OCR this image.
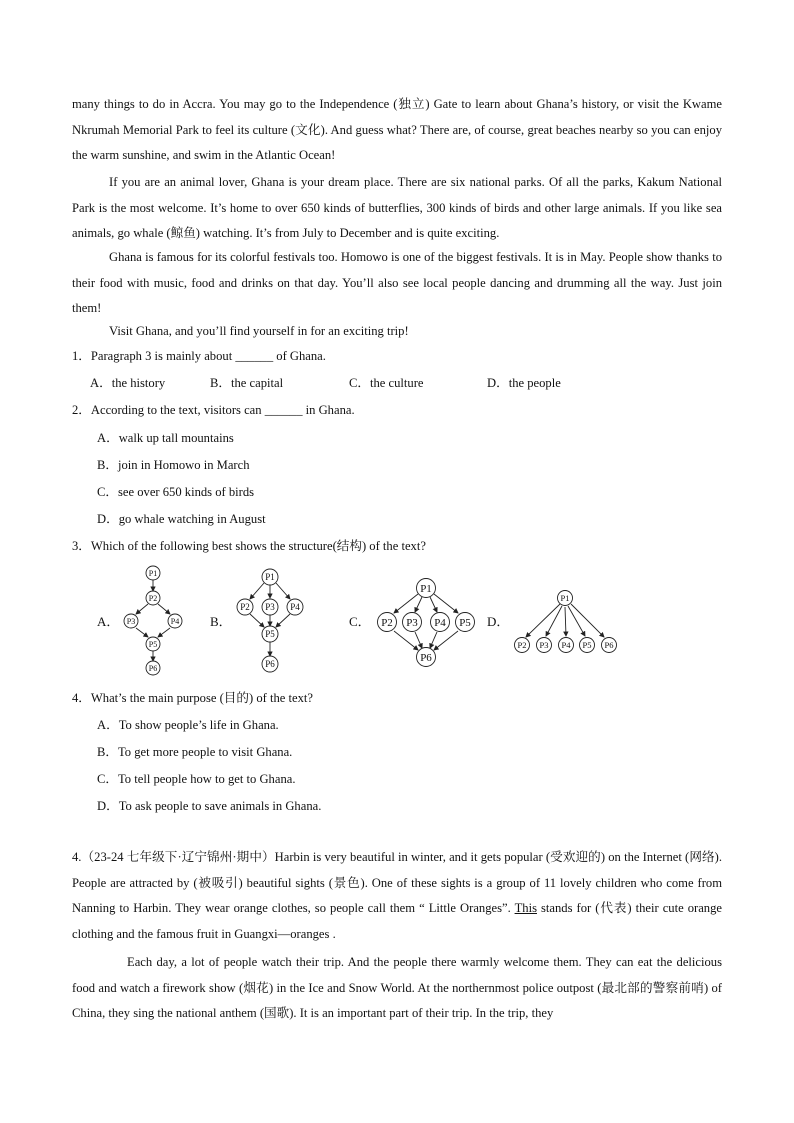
many things to do in Accra. You may go to the Independence (独立) Gate to learn about Ghana’s history, or visit the Kwame Nkrumah Memorial Park to feel its culture (文化). And guess what? There are, of course, great beaches nearby so you can enjoy the warm sunshine, and swim in the Atlantic Ocean!

If you are an animal lover, Ghana is your dream place. There are six national parks. Of all the parks, Kakum National Park is the most welcome. It’s home to over 650 kinds of butterflies, 300 kinds of birds and other large animals. If you like sea animals, go whale (鲸鱼) watching. It’s from July to December and is quite exciting.

Ghana is famous for its colorful festivals too. Homowo is one of the biggest festivals. It is in May. People show thanks to their food with music, food and drinks on that day. You’ll also see local people dancing and drumming all the way. Just join them!

Visit Ghana, and you’ll find yourself in for an exciting trip!

1．Paragraph 3 is mainly about ______ of Ghana.
A．the history	B．the capital	C．the culture	D．the people
2．According to the text, visitors can ______ in Ghana.
A．walk up tall mountains
B．join in Homowo in March
C．see over 650 kinds of birds
D．go whale watching in August
3．Which of the following best shows the structure(结构) of the text?
A．	B．	C．	D．
P1
P2
P3	P4
P5
P6
P1
P2 P3 P4
P5
P6
P1
P2 P3 P4 P5
P6
P1
P2 P3 P4 P5 P6
4．What’s the main purpose (目的) of the text?
A．To show people’s life in Ghana.
B．To get more people to visit Ghana.
C．To tell people how to get to Ghana.
D．To ask people to save animals in Ghana.

4.（23-24 七年级下·辽宁锦州·期中）Harbin is very beautiful in winter, and it gets popular (受欢迎的) on the Internet (网络). People are attracted by (被吸引) beautiful sights (景色). One of these sights is a group of 11 lovely children who come from Nanning to Harbin. They wear orange clothes, so people call them “ Little Oranges”. This stands for (代表) their cute orange clothing and the famous fruit in Guangxi—oranges .

Each day, a lot of people watch their trip. And the people there warmly welcome them. They can eat the delicious food and watch a firework show (烟花) in the Ice and Snow World. At the northernmost police outpost (最北部的警察前哨) of China, they sing the national anthem (国歌). It is an important part of their trip. In the trip, they
